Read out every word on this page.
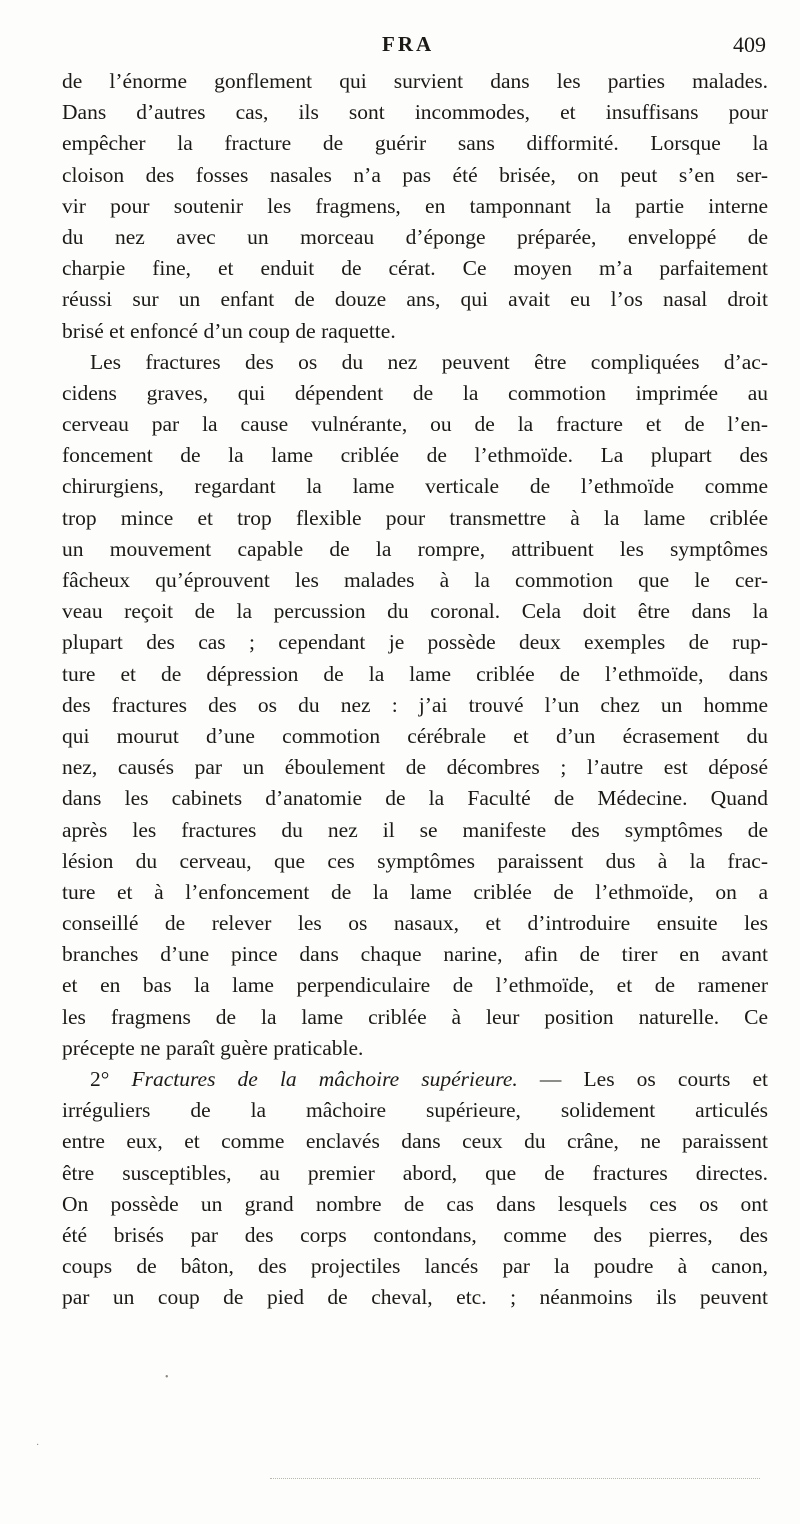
FRA	409
de l’énorme gonflement qui survient dans les parties malades.
Dans d’autres cas, ils sont incommodes, et insuffisans pour
empêcher la fracture de guérir sans difformité. Lorsque la
cloison des fosses nasales n’a pas été brisée, on peut s’en ser-
vir pour soutenir les fragmens, en tamponnant la partie interne
du nez avec un morceau d’éponge préparée, enveloppé de
charpie fine, et enduit de cérat. Ce moyen m’a parfaitement
réussi sur un enfant de douze ans, qui avait eu l’os nasal droit
brisé et enfoncé d’un coup de raquette.
Les fractures des os du nez peuvent être compliquées d’ac-
cidens graves, qui dépendent de la commotion imprimée au
cerveau par la cause vulnérante, ou de la fracture et de l’en-
foncement de la lame criblée de l’ethmoïde. La plupart des
chirurgiens, regardant la lame verticale de l’ethmoïde comme
trop mince et trop flexible pour transmettre à la lame criblée
un mouvement capable de la rompre, attribuent les symptômes
fâcheux qu’éprouvent les malades à la commotion que le cer-
veau reçoit de la percussion du coronal. Cela doit être dans la
plupart des cas ; cependant je possède deux exemples de rup-
ture et de dépression de la lame criblée de l’ethmoïde, dans
des fractures des os du nez : j’ai trouvé l’un chez un homme
qui mourut d’une commotion cérébrale et d’un écrasement du
nez, causés par un éboulement de décombres ; l’autre est déposé
dans les cabinets d’anatomie de la Faculté de Médecine. Quand
après les fractures du nez il se manifeste des symptômes de
lésion du cerveau, que ces symptômes paraissent dus à la frac-
ture et à l’enfoncement de la lame criblée de l’ethmoïde, on a
conseillé de relever les os nasaux, et d’introduire ensuite les
branches d’une pince dans chaque narine, afin de tirer en avant
et en bas la lame perpendiculaire de l’ethmoïde, et de ramener
les fragmens de la lame criblée à leur position naturelle. Ce
précepte ne paraît guère praticable.
2° Fractures de la mâchoire supérieure. — Les os courts et
irréguliers de la mâchoire supérieure, solidement articulés
entre eux, et comme enclavés dans ceux du crâne, ne paraissent
être susceptibles, au premier abord, que de fractures directes.
On possède un grand nombre de cas dans lesquels ces os ont
été brisés par des corps contondans, comme des pierres, des
coups de bâton, des projectiles lancés par la poudre à canon,
par un coup de pied de cheval, etc. ; néanmoins ils peuvent
•
·
